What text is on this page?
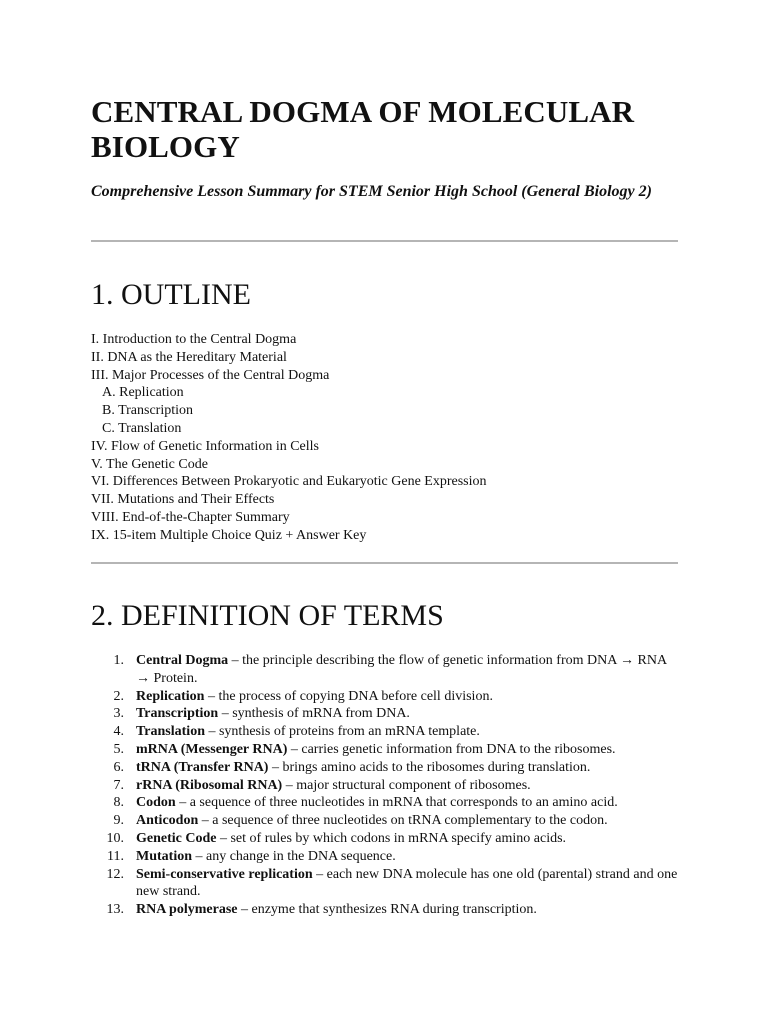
CENTRAL DOGMA OF MOLECULAR BIOLOGY

Comprehensive Lesson Summary for STEM Senior High School (General Biology 2)

1. OUTLINE
I. Introduction to the Central Dogma
II. DNA as the Hereditary Material
III. Major Processes of the Central Dogma
A. Replication
B. Transcription
C. Translation
IV. Flow of Genetic Information in Cells
V. The Genetic Code
VI. Differences Between Prokaryotic and Eukaryotic Gene Expression
VII. Mutations and Their Effects
VIII. End-of-the-Chapter Summary
IX. 15-item Multiple Choice Quiz + Answer Key
2. DEFINITION OF TERMS
1. Central Dogma – the principle describing the flow of genetic information from DNA → RNA → Protein.
2. Replication – the process of copying DNA before cell division.
3. Transcription – synthesis of mRNA from DNA.
4. Translation – synthesis of proteins from an mRNA template.
5. mRNA (Messenger RNA) – carries genetic information from DNA to the ribosomes.
6. tRNA (Transfer RNA) – brings amino acids to the ribosomes during translation.
7. rRNA (Ribosomal RNA) – major structural component of ribosomes.
8. Codon – a sequence of three nucleotides in mRNA that corresponds to an amino acid.
9. Anticodon – a sequence of three nucleotides on tRNA complementary to the codon.
10. Genetic Code – set of rules by which codons in mRNA specify amino acids.
11. Mutation – any change in the DNA sequence.
12. Semi-conservative replication – each new DNA molecule has one old (parental) strand and one new strand.
13. RNA polymerase – enzyme that synthesizes RNA during transcription.
